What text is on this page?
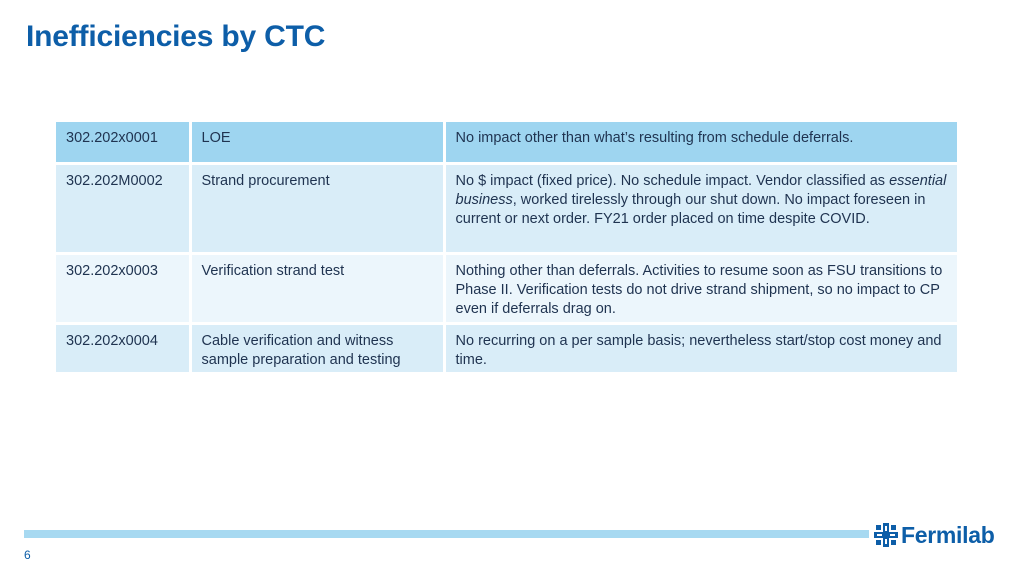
Inefficiencies by CTC
302.202x0001	LOE	No impact other than what’s resulting from schedule deferrals.
302.202M0002	Strand procurement	No $ impact (fixed price). No schedule impact. Vendor classified as essential business, worked tirelessly through our shut down. No impact foreseen in current or next order. FY21 order placed on time despite COVID.
302.202x0003	Verification strand test	Nothing other than deferrals. Activities to resume soon as FSU transitions to Phase II. Verification tests do not drive strand shipment, so no impact to CP even if deferrals drag on.
302.202x0004	Cable verification and witness sample preparation and testing	No recurring on a per sample basis; nevertheless start/stop cost money and time.
6
Fermilab
